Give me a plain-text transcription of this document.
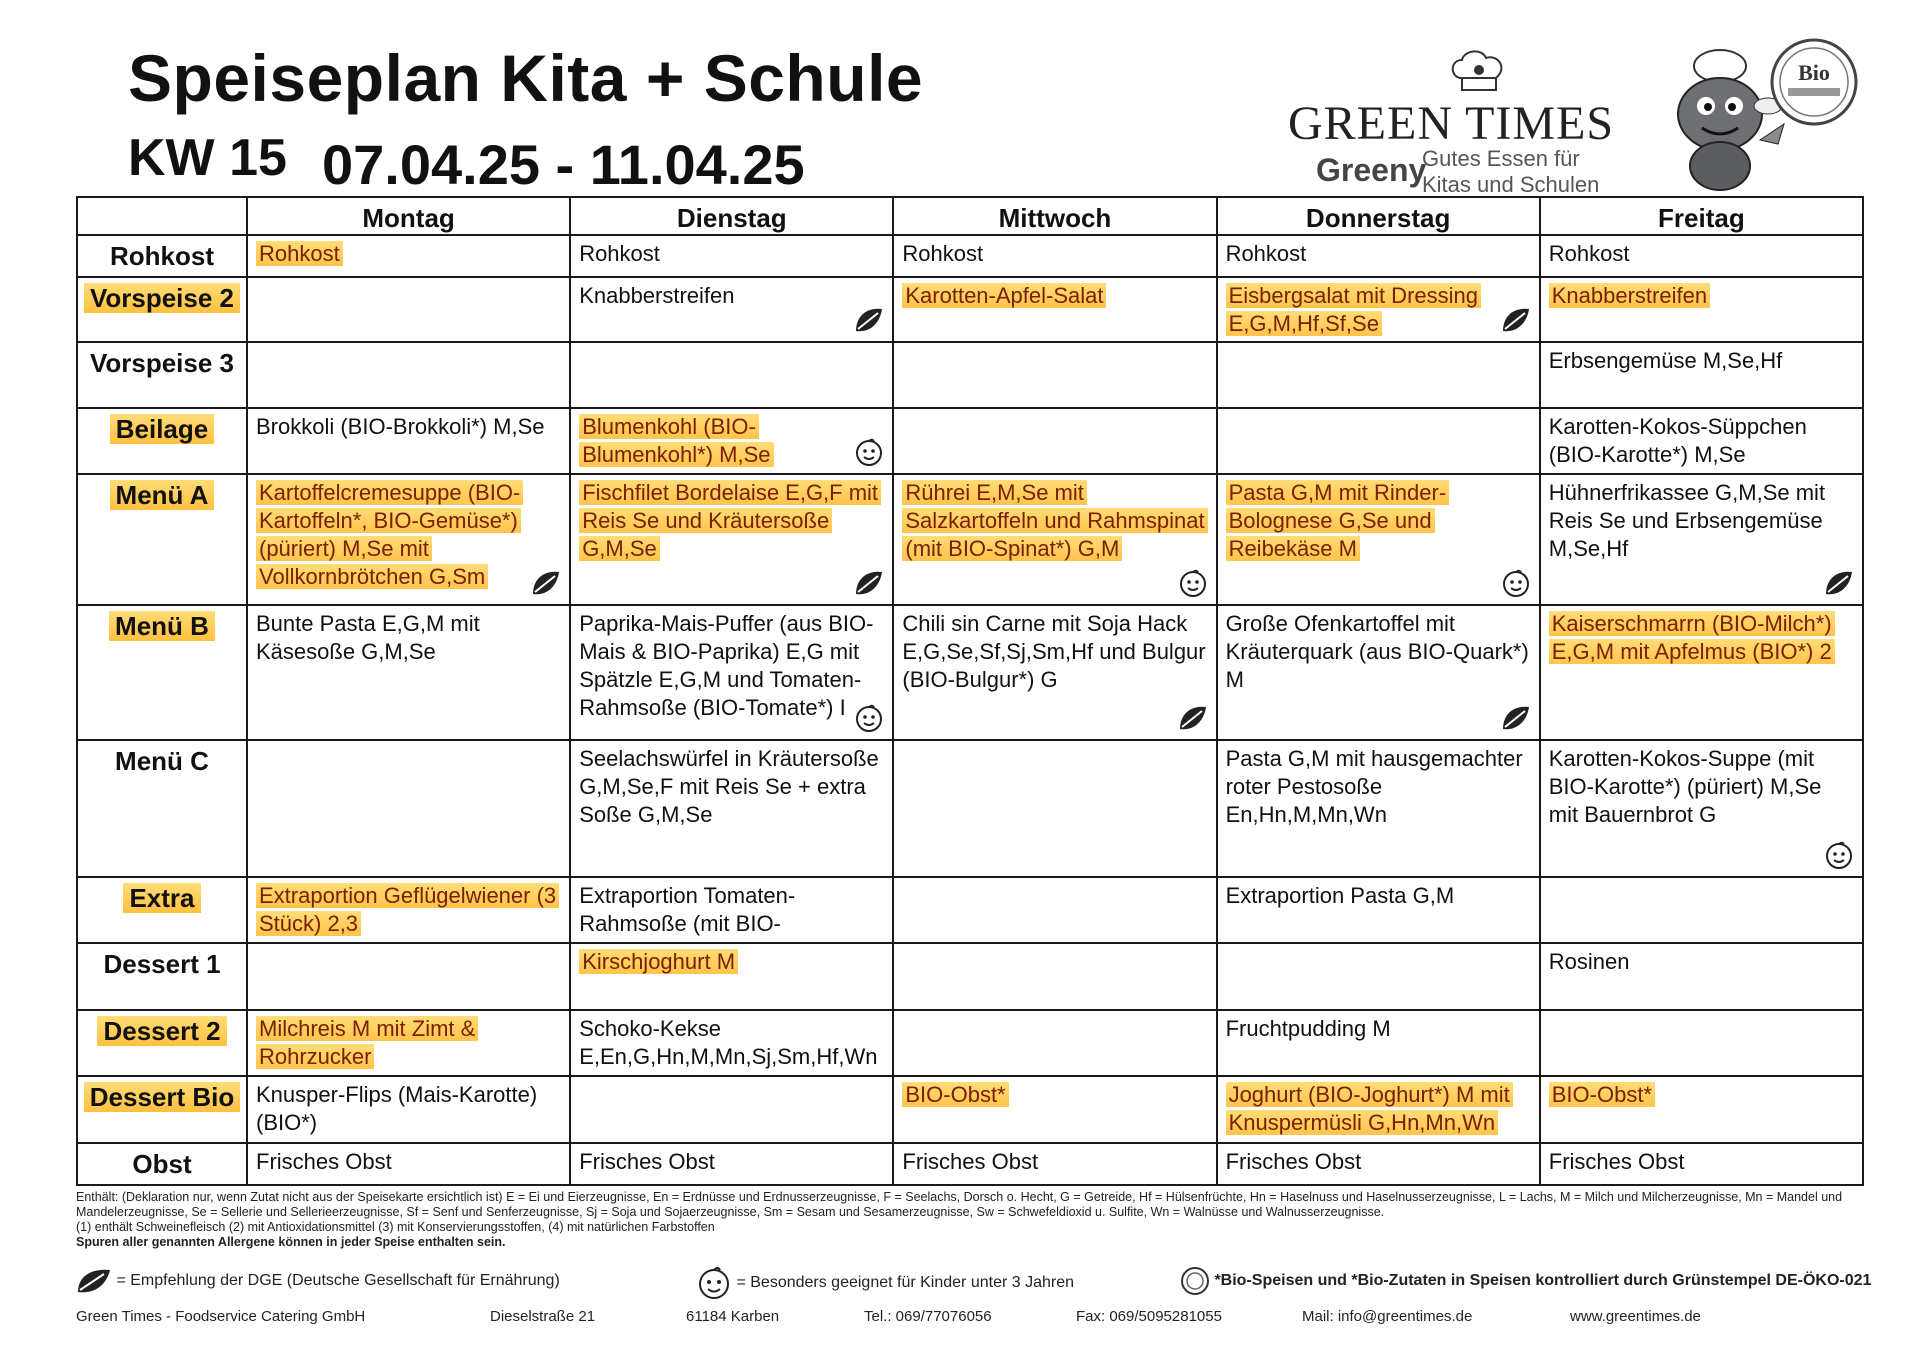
Speiseplan Kita + Schule
KW 15 07.04.25 - 11.04.25
GREEN TIMES
Greeny
Gutes Essen für
Kitas und Schulen
Bio
	Montag	Dienstag	Mittwoch	Donnerstag	Freitag
Rohkost	Rohkost	Rohkost	Rohkost	Rohkost	Rohkost
Vorspeise 2		Knabberstreifen	Karotten-Apfel-Salat	Eisbergsalat mit Dressing E,G,M,Hf,Sf,Se	Knabberstreifen
Vorspeise 3					Erbsengemüse M,Se,Hf
Beilage	Brokkoli (BIO-Brokkoli*) M,Se	Blumenkohl (BIO-Blumenkohl*) M,Se			Karotten-Kokos-Süppchen (BIO-Karotte*) M,Se
Menü A	Kartoffelcremesuppe (BIO-Kartoffeln*, BIO-Gemüse*) (püriert) M,Se mit Vollkornbrötchen G,Sm	Fischfilet Bordelaise E,G,F mit Reis Se und Kräutersoße G,M,Se	Rührei E,M,Se mit Salzkartoffeln und Rahmspinat (mit BIO-Spinat*) G,M	Pasta G,M mit Rinder-Bolognese G,Se und Reibekäse M	Hühnerfrikassee G,M,Se mit Reis Se und Erbsengemüse M,Se,Hf

Menü B	Bunte Pasta E,G,M mit Käsesoße G,M,Se	Paprika-Mais-Puffer (aus BIO-Mais & BIO-Paprika) E,G mit Spätzle E,G,M und Tomaten-Rahmsoße (BIO-Tomate*) I	Chili sin Carne mit Soja Hack E,G,Se,Sf,Sj,Sm,Hf und Bulgur (BIO-Bulgur*) G	Große Ofenkartoffel mit Kräuterquark (aus BIO-Quark*) M	Kaiserschmarrn (BIO-Milch*) E,G,M mit Apfelmus (BIO*) 2
Menü C		Seelachswürfel in Kräutersoße G,M,Se,F mit Reis Se + extra Soße G,M,Se		Pasta G,M mit hausgemachter roter Pestosoße En,Hn,M,Mn,Wn	Karotten-Kokos-Suppe (mit BIO-Karotte*) (püriert) M,Se mit Bauernbrot G

Extra	Extraportion Geflügelwiener (3 Stück) 2,3	Extraportion Tomaten-Rahmsoße (mit BIO-		Extraportion Pasta G,M	
Dessert 1		Kirschjoghurt M			Rosinen
Dessert 2	Milchreis M mit Zimt & Rohrzucker	Schoko-Kekse E,En,G,Hn,M,Mn,Sj,Sm,Hf,Wn		Fruchtpudding M	
Dessert Bio	Knusper-Flips (Mais-Karotte) (BIO*)		BIO-Obst*	Joghurt (BIO-Joghurt*) M mit Knuspermüsli G,Hn,Mn,Wn	BIO-Obst*
Obst	Frisches Obst	Frisches Obst	Frisches Obst	Frisches Obst	Frisches Obst
Enthält: (Deklaration nur, wenn Zutat nicht aus der Speisekarte ersichtlich ist) E = Ei und Eierzeugnisse, En = Erdnüsse und Erdnusserzeugnisse, F = Seelachs, Dorsch o. Hecht, G = Getreide, Hf = Hülsenfrüchte, Hn = Haselnuss und Haselnusserzeugnisse, L = Lachs, M = Milch und Milcherzeugnisse, Mn = Mandel und Mandelerzeugnisse, Se = Sellerie und Sellerieerzeugnisse, Sf = Senf und Senferzeugnisse, Sj = Soja und Sojaerzeugnisse, Sm = Sesam und Sesamerzeugnisse, Sw = Schwefeldioxid u. Sulfite, Wn = Walnüsse und Walnusserzeugnisse.
(1) enthält Schweinefleisch (2) mit Antioxidationsmittel (3) mit Konservierungsstoffen, (4) mit natürlichen Farbstoffen
Spuren aller genannten Allergene können in jeder Speise enthalten sein.
= Empfehlung der DGE (Deutsche Gesellschaft für Ernährung)	= Besonders geeignet für Kinder unter 3 Jahren	*Bio-Speisen und *Bio-Zutaten in Speisen kontrolliert durch Grünstempel DE-ÖKO-021
Green Times - Foodservice Catering GmbH	Dieselstraße 21	61184 Karben	Tel.: 069/77076056	Fax: 069/5095281055	Mail: info@greentimes.de	www.greentimes.de
